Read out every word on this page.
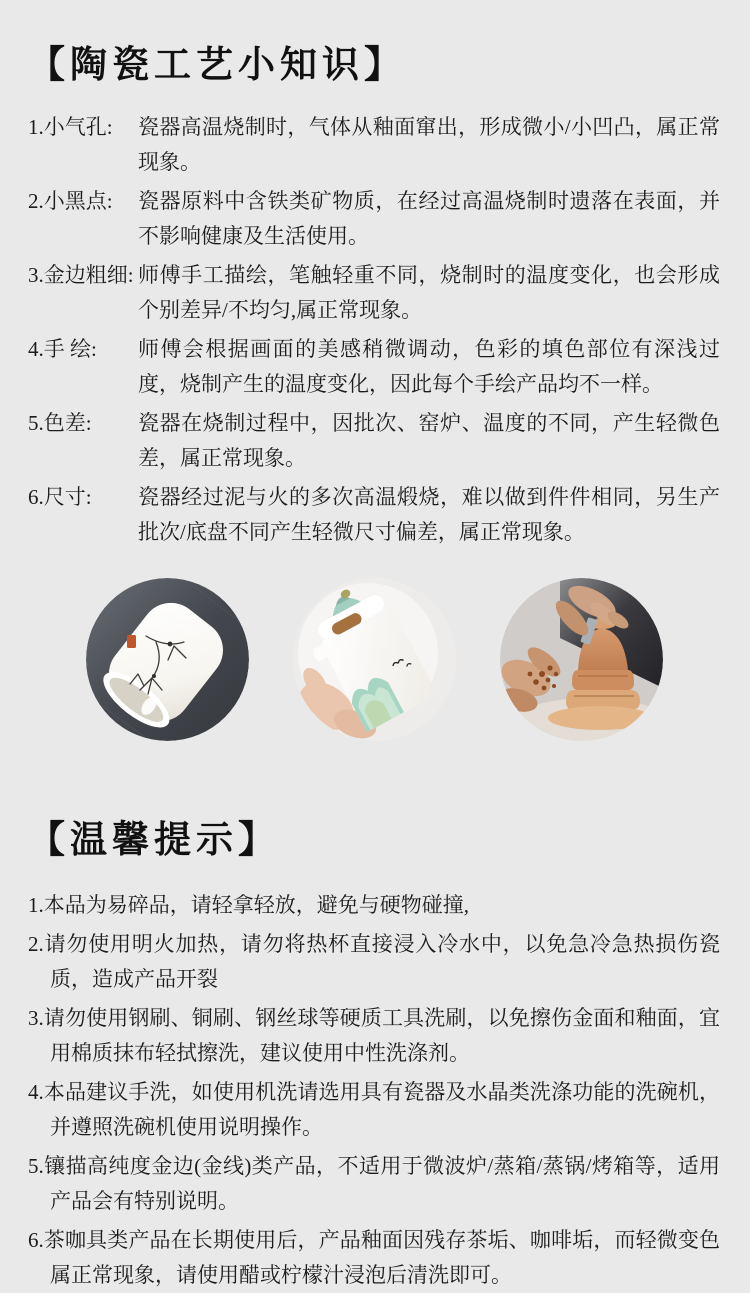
【陶瓷工艺小知识】
1.小气孔:	瓷器高温烧制时，气体从釉面窜出，形成微小/小凹凸，属正常现象。
2.小黑点:	瓷器原料中含铁类矿物质，在经过高温烧制时遗落在表面，并不影响健康及生活使用。
3.金边粗细: 师傅手工描绘，笔触轻重不同，烧制时的温度变化，也会形成个别差异/不均匀,属正常现象。
4.手 绘:	师傅会根据画面的美感稍微调动，色彩的填色部位有深浅过度，烧制产生的温度变化，因此每个手绘产品均不一样。
5.色差:	瓷器在烧制过程中，因批次、窑炉、温度的不同，产生轻微色差，属正常现象。
6.尺寸:	瓷器经过泥与火的多次高温煅烧，难以做到件件相同，另生产批次/底盘不同产生轻微尺寸偏差，属正常现象。
【温馨提示】

1.本品为易碎品，请轻拿轻放，避免与硬物碰撞,

2.请勿使用明火加热，请勿将热杯直接浸入冷水中，以免急冷急热损伤瓷质，造成产品开裂

3.请勿使用钢刷、铜刷、钢丝球等硬质工具洗刷，以免擦伤金面和釉面，宜用棉质抹布轻拭擦洗，建议使用中性洗涤剂。

4.本品建议手洗，如使用机洗请选用具有瓷器及水晶类洗涤功能的洗碗机，并遵照洗碗机使用说明操作。

5.镶描高纯度金边(金线)类产品，不适用于微波炉/蒸箱/蒸锅/烤箱等，适用产品会有特别说明。

6.茶咖具类产品在长期使用后，产品釉面因残存茶垢、咖啡垢，而轻微变色属正常现象，请使用醋或柠檬汁浸泡后清洗即可。
